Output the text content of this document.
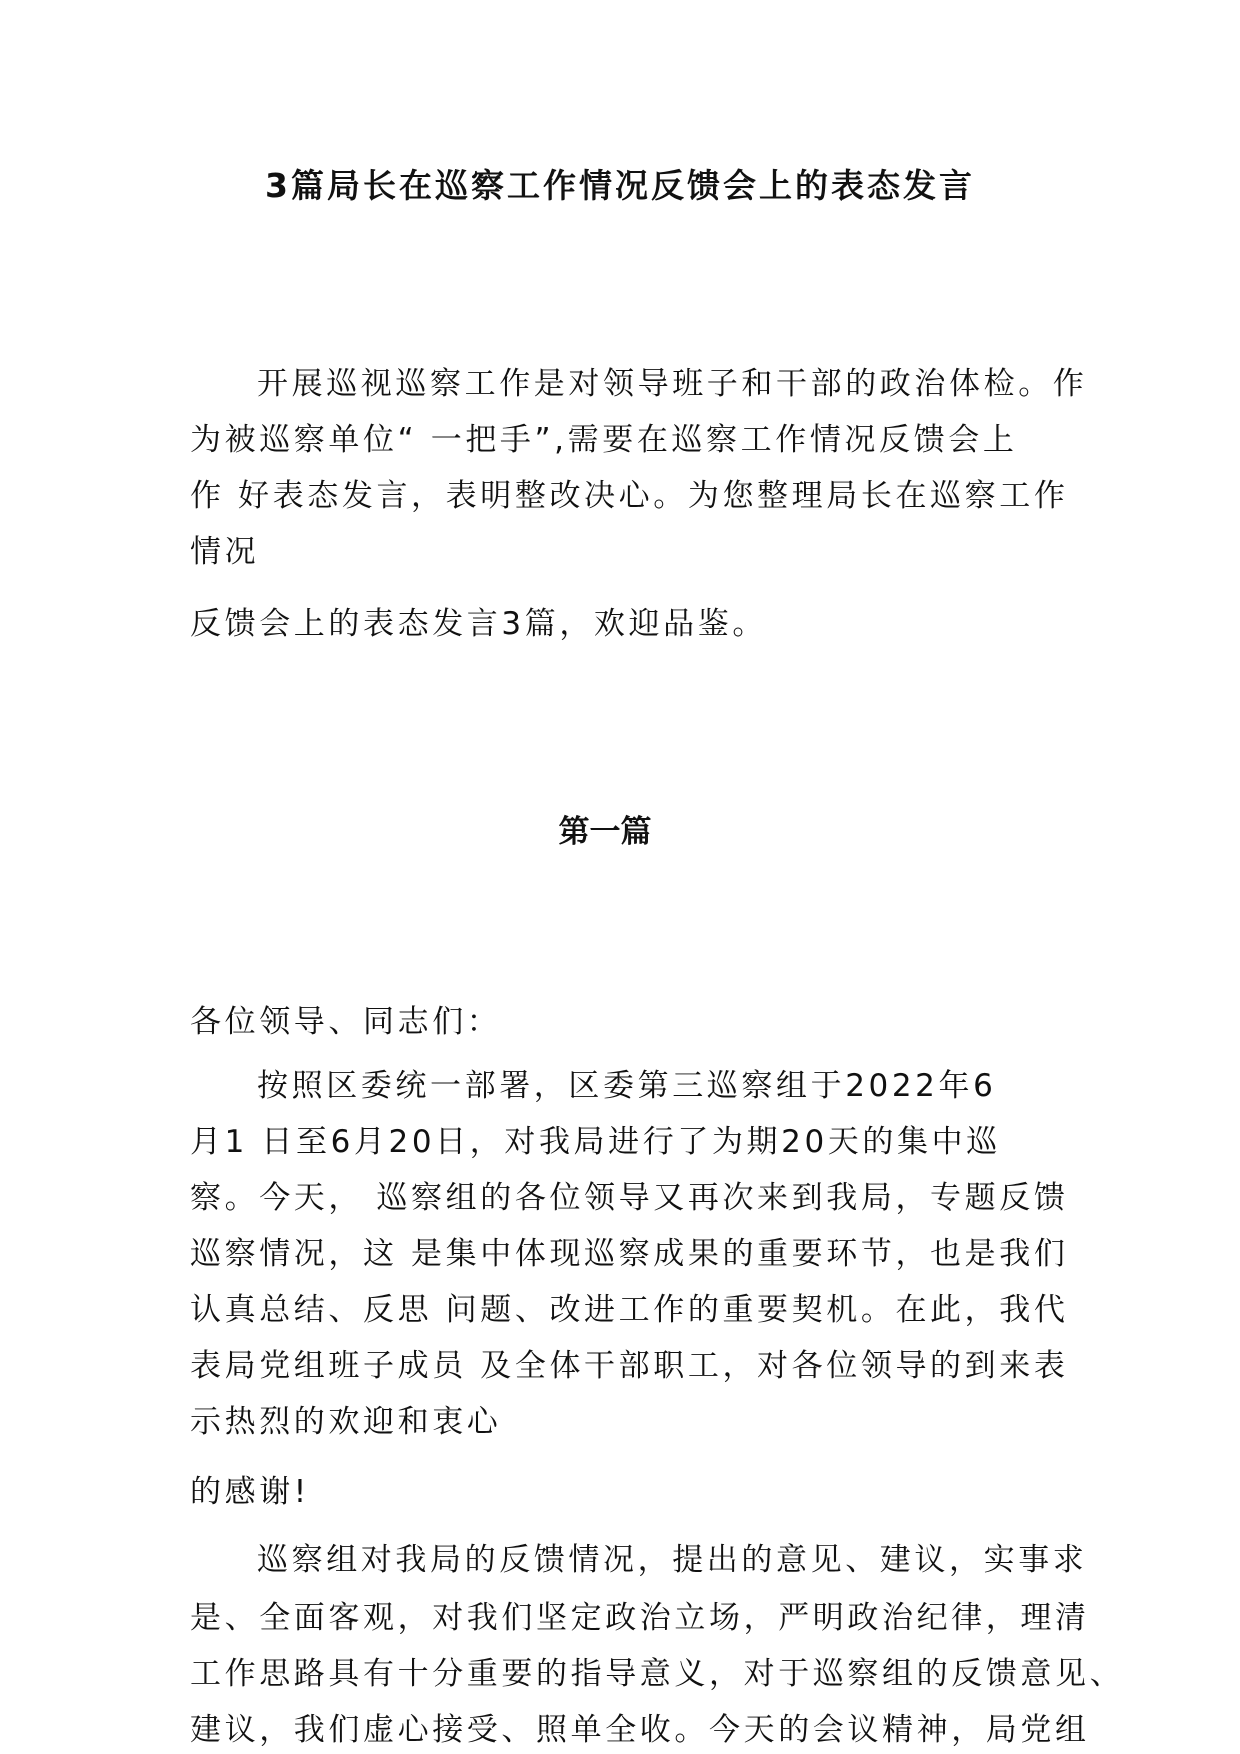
3篇局长在巡察工作情况反馈会上的表态发言

开展巡视巡察工作是对领导班子和干部的政治体检。作

为被巡察单位“ 一把手”,需要在巡察工作情况反馈会上

作 好表态发言，表明整改决心。为您整理局长在巡察工作

情况

反馈会上的表态发言3篇，欢迎品鉴。

第一篇

各位领导、同志们：

按照区委统一部署，区委第三巡察组于2022年6

月1 日至6月20日，对我局进行了为期20天的集中巡

察。今天， 巡察组的各位领导又再次来到我局，专题反馈

巡察情况，这 是集中体现巡察成果的重要环节，也是我们

认真总结、反思 问题、改进工作的重要契机。在此，我代

表局党组班子成员 及全体干部职工，对各位领导的到来表

示热烈的欢迎和衷心

的感谢!

巡察组对我局的反馈情况，提出的意见、建议，实事求

是、全面客观，对我们坚定政治立场，严明政治纪律，理清

工作思路具有十分重要的指导意义，对于巡察组的反馈意见、

建议，我们虚心接受、照单全收。今天的会议精神，局党组
